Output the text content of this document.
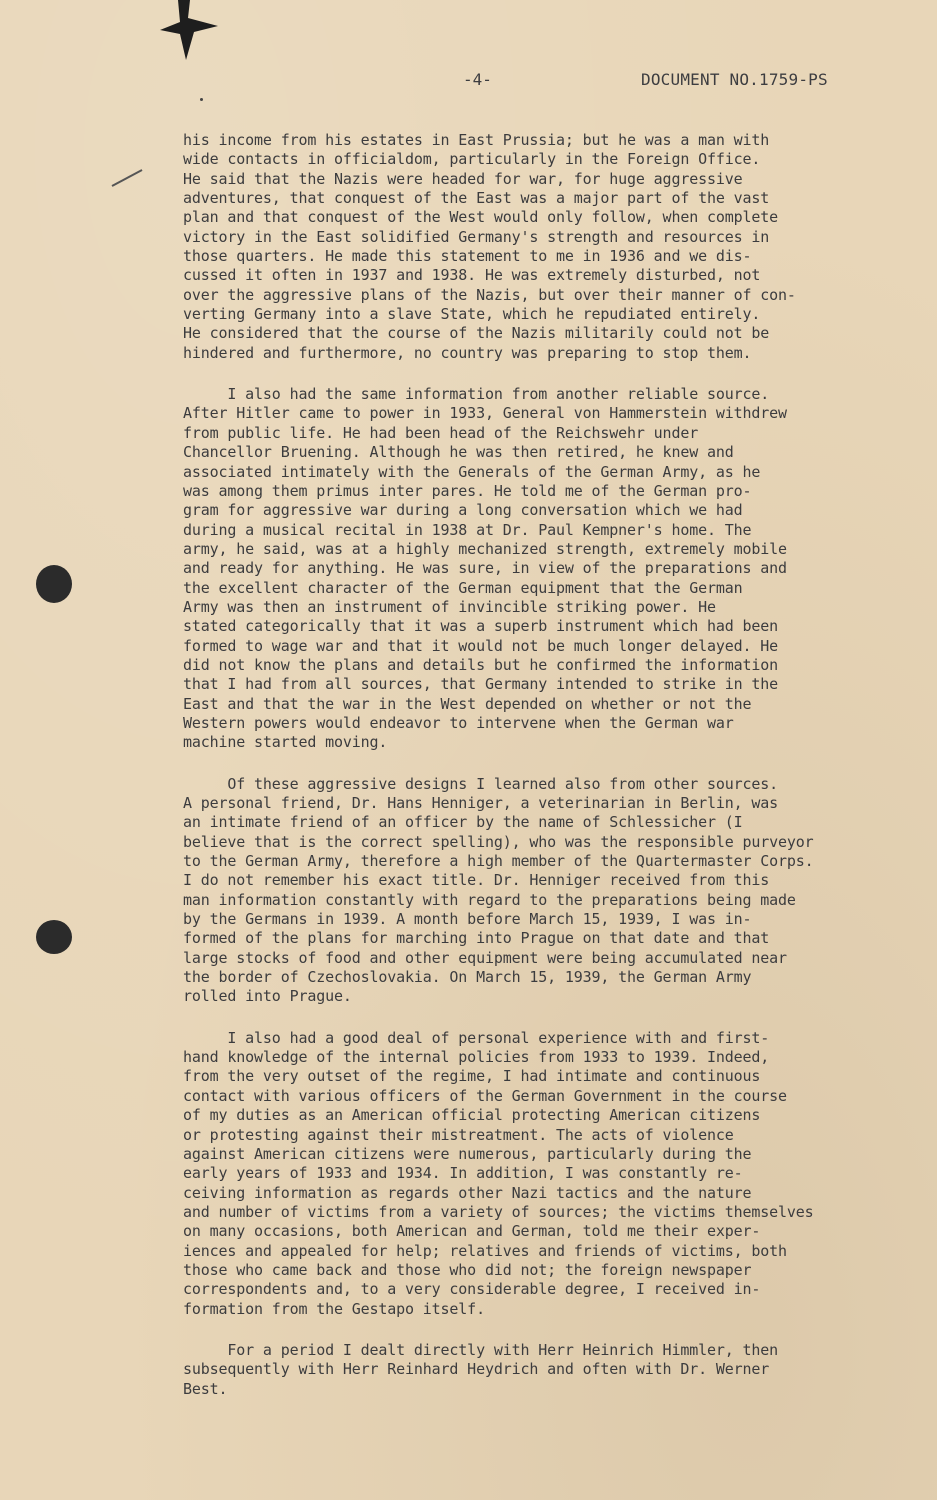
-4-	DOCUMENT NO.1759-PS
his income from his estates in East Prussia; but he was a man with
wide contacts in officialdom, particularly in the Foreign Office.
He said that the Nazis were headed for war, for huge aggressive
adventures, that conquest of the East was a major part of the vast
plan and that conquest of the West would only follow, when complete
victory in the East solidified Germany's strength and resources in
those quarters. He made this statement to me in 1936 and we dis-
cussed it often in 1937 and 1938. He was extremely disturbed, not
over the aggressive plans of the Nazis, but over their manner of con-
verting Germany into a slave State, which he repudiated entirely.
He considered that the course of the Nazis militarily could not be
hindered and furthermore, no country was preparing to stop them.
I also had the same information from another reliable source.
After Hitler came to power in 1933, General von Hammerstein withdrew
from public life. He had been head of the Reichswehr under
Chancellor Bruening. Although he was then retired, he knew and
associated intimately with the Generals of the German Army, as he
was among them primus inter pares. He told me of the German pro-
gram for aggressive war during a long conversation which we had
during a musical recital in 1938 at Dr. Paul Kempner's home. The
army, he said, was at a highly mechanized strength, extremely mobile
and ready for anything. He was sure, in view of the preparations and
the excellent character of the German equipment that the German
Army was then an instrument of invincible striking power. He
stated categorically that it was a superb instrument which had been
formed to wage war and that it would not be much longer delayed. He
did not know the plans and details but he confirmed the information
that I had from all sources, that Germany intended to strike in the
East and that the war in the West depended on whether or not the
Western powers would endeavor to intervene when the German war
machine started moving.
Of these aggressive designs I learned also from other sources.
A personal friend, Dr. Hans Henniger, a veterinarian in Berlin, was
an intimate friend of an officer by the name of Schlessicher (I
believe that is the correct spelling), who was the responsible purveyor
to the German Army, therefore a high member of the Quartermaster Corps.
I do not remember his exact title. Dr. Henniger received from this
man information constantly with regard to the preparations being made
by the Germans in 1939. A month before March 15, 1939, I was in-
formed of the plans for marching into Prague on that date and that
large stocks of food and other equipment were being accumulated near
the border of Czechoslovakia. On March 15, 1939, the German Army
rolled into Prague.
I also had a good deal of personal experience with and first-
hand knowledge of the internal policies from 1933 to 1939. Indeed,
from the very outset of the regime, I had intimate and continuous
contact with various officers of the German Government in the course
of my duties as an American official protecting American citizens
or protesting against their mistreatment. The acts of violence
against American citizens were numerous, particularly during the
early years of 1933 and 1934. In addition, I was constantly re-
ceiving information as regards other Nazi tactics and the nature
and number of victims from a variety of sources; the victims themselves
on many occasions, both American and German, told me their exper-
iences and appealed for help; relatives and friends of victims, both
those who came back and those who did not; the foreign newspaper
correspondents and, to a very considerable degree, I received in-
formation from the Gestapo itself.
For a period I dealt directly with Herr Heinrich Himmler, then
subsequently with Herr Reinhard Heydrich and often with Dr. Werner
Best.
